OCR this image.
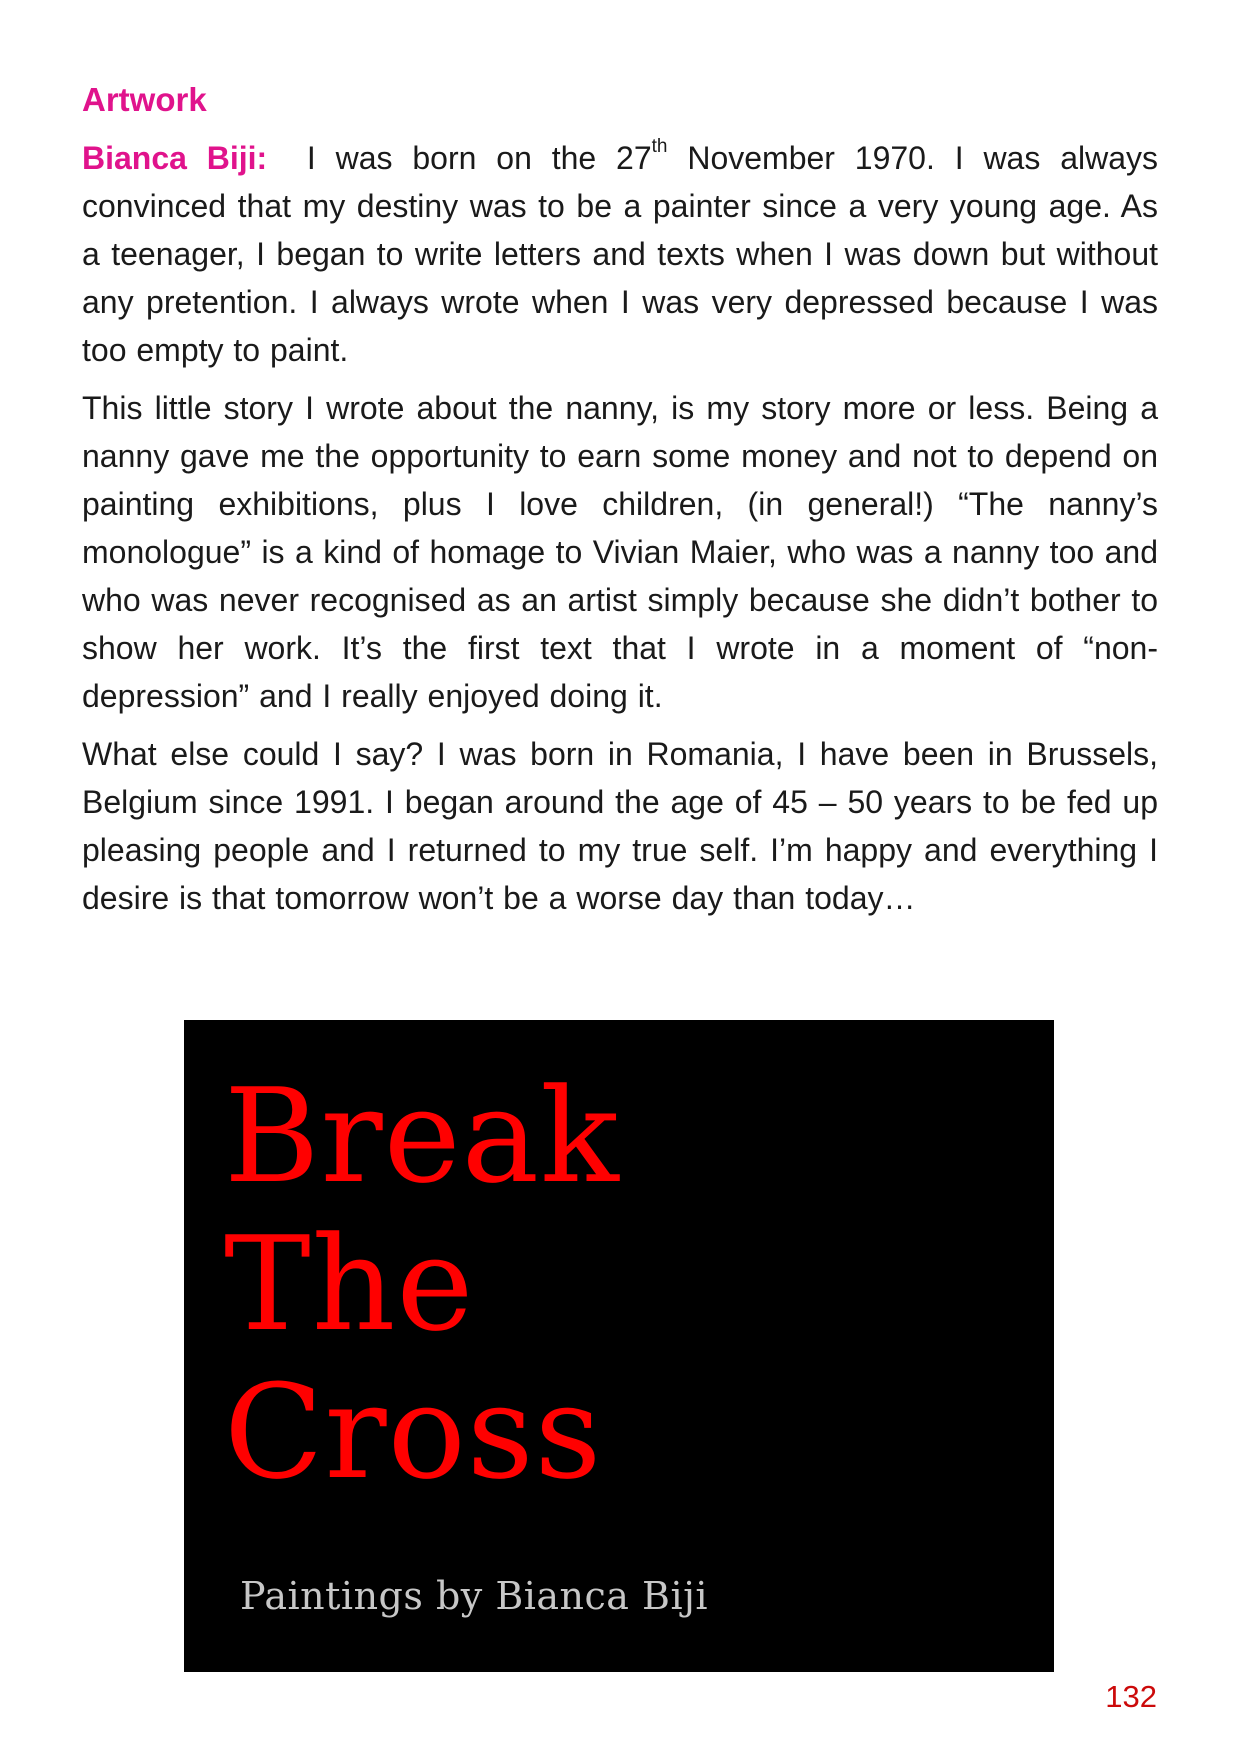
Artwork

Bianca Biji: I was born on the 27th November 1970. I was always convinced that my destiny was to be a painter since a very young age. As a teenager, I began to write letters and texts when I was down but without any pretention. I always wrote when I was very depressed because I was too empty to paint.

This little story I wrote about the nanny, is my story more or less. Being a nanny gave me the opportunity to earn some money and not to depend on painting exhibitions, plus I love children, (in general!) “The nanny’s monologue” is a kind of homage to Vivian Maier, who was a nanny too and who was never recognised as an artist simply because she didn’t bother to show her work. It’s the first text that I wrote in a moment of “non-depression” and I really enjoyed doing it.

What else could I say? I was born in Romania, I have been in Brussels, Belgium since 1991. I began around the age of 45 – 50 years to be fed up pleasing people and I returned to my true self. I’m happy and everything I desire is that tomorrow won’t be a worse day than today…

Break
The
Cross
Paintings by Bianca Biji
132
